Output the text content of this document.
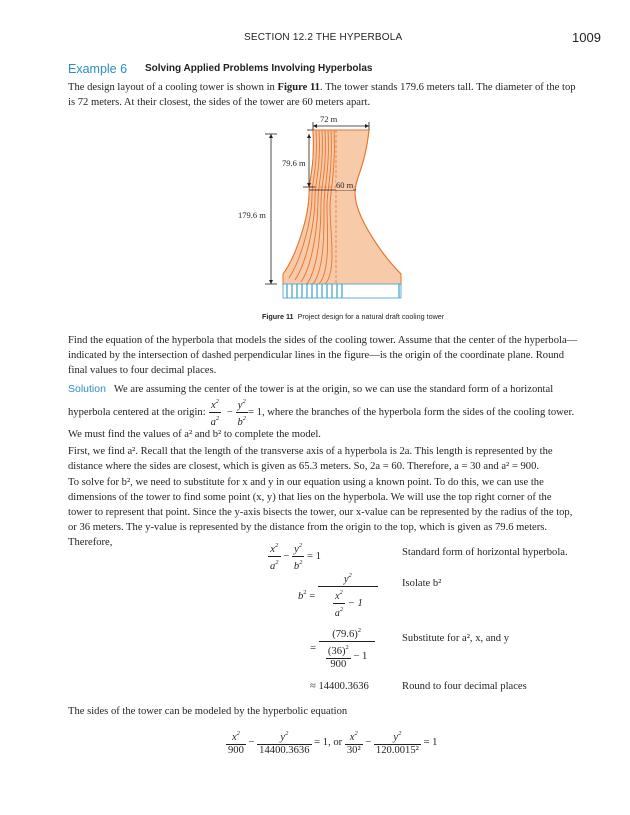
SECTION 12.2 THE HYPERBOLA	1009
Example 6 Solving Applied Problems Involving Hyperbolas

The design layout of a cooling tower is shown in Figure 11. The tower stands 179.6 meters tall. The diameter of the top is 72 meters. At their closest, the sides of the tower are 60 meters apart.

72 m
79.6 m
60 m
179.6 m
Figure 11 Project design for a natural draft cooling tower

Find the equation of the hyperbola that models the sides of the cooling tower. Assume that the center of the hyperbola—indicated by the intersection of dashed perpendicular lines in the figure—is the origin of the coordinate plane. Round final values to four decimal places.

Solution We are assuming the center of the tower is at the origin, so we can use the standard form of a horizontal

hyperbola centered at the origin: $\frac{x^2}{a^2} - \frac{y^2}{b^2} = 1$, where the branches of the hyperbola form the sides of the cooling tower.

We must find the values of a² and b² to complete the model.

First, we find a². Recall that the length of the transverse axis of a hyperbola is 2a. This length is represented by the distance where the sides are closest, which is given as 65.3 meters. So, 2a = 60. Therefore, a = 30 and a² = 900.

To solve for b², we need to substitute for x and y in our equation using a known point. To do this, we can use the dimensions of the tower to find some point (x, y) that lies on the hyperbola. We will use the top right corner of the tower to represent that point. Since the y-axis bisects the tower, our x-value can be represented by the radius of the top, or 36 meters. The y-value is represented by the distance from the origin to the top, which is given as 79.6 meters. Therefore,	$\frac{x^2}{a^2} - \frac{y^2}{b^2} = 1$	Standard form of horizontal hyperbola.
$b^2 = \frac{y^2}{\frac{x^2}{a^2} - 1}$ Isolate b²
= $\frac{(79.6)^2}{\frac{(36)^2}{900} - 1}$	Substitute for a², x, and y
≈ 14400.3636	Round to four decimal places

The sides of the tower can be modeled by the hyperbolic equation

$\frac{x^2}{900} - \frac{y^2}{14400.3636}$
= 1, or
$\frac{x^2}{\text{30²}} - \frac{y^2}{\text{120.0015²}}$
= 1
